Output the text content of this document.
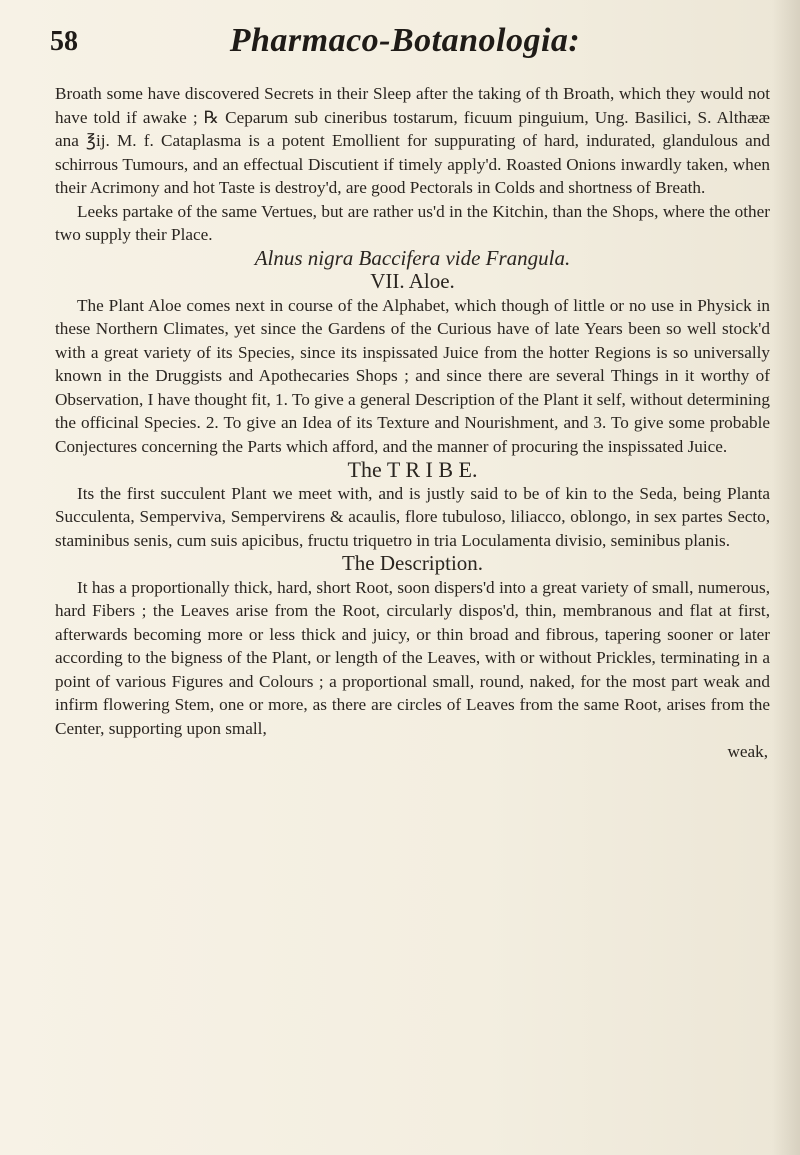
58	Pharmaco-Botanologia:

Broath some have discovered Secrets in their Sleep after the taking of th Broath, which they would not have told if awake ; ℞ Ceparum sub cineribus tostarum, ficuum pinguium, Ung. Basilici, S. Althææ ana ℥ij. M. f. Cataplasma is a potent Emollient for suppurating of hard, indurated, glandulous and schirrous Tumours, and an effectual Discutient if timely apply'd. Roasted Onions inwardly taken, when their Acrimony and hot Taste is destroy'd, are good Pectorals in Colds and shortness of Breath.

Leeks partake of the same Vertues, but are rather us'd in the Kitchin, than the Shops, where the other two supply their Place.

Alnus nigra Baccifera vide Frangula.

VII. Aloe.

The Plant Aloe comes next in course of the Alphabet, which though of little or no use in Physick in these Northern Climates, yet since the Gardens of the Curious have of late Years been so well stock'd with a great variety of its Species, since its inspissated Juice from the hotter Regions is so universally known in the Druggists and Apothecaries Shops ; and since there are several Things in it worthy of Observation, I have thought fit, 1. To give a general Description of the Plant it self, without determining the officinal Species. 2. To give an Idea of its Texture and Nourishment, and 3. To give some probable Conjectures concerning the Parts which afford, and the manner of procuring the inspissated Juice.

The T R I B E.

Its the first succulent Plant we meet with, and is justly said to be of kin to the Seda, being Planta Succulenta, Semperviva, Sempervirens & acaulis, flore tubuloso, liliacco, oblongo, in sex partes Secto, staminibus senis, cum suis apicibus, fructu triquetro in tria Loculamenta divisio, seminibus planis.

The Description.

It has a proportionally thick, hard, short Root, soon dispers'd into a great variety of small, numerous, hard Fibers ; the Leaves arise from the Root, circularly dispos'd, thin, membranous and flat at first, afterwards becoming more or less thick and juicy, or thin broad and fibrous, tapering sooner or later according to the bigness of the Plant, or length of the Leaves, with or without Prickles, terminating in a point of various Figures and Colours ; a proportional small, round, naked, for the most part weak and infirm flowering Stem, one or more, as there are circles of Leaves from the same Root, arises from the Center, supporting upon small,

weak,
